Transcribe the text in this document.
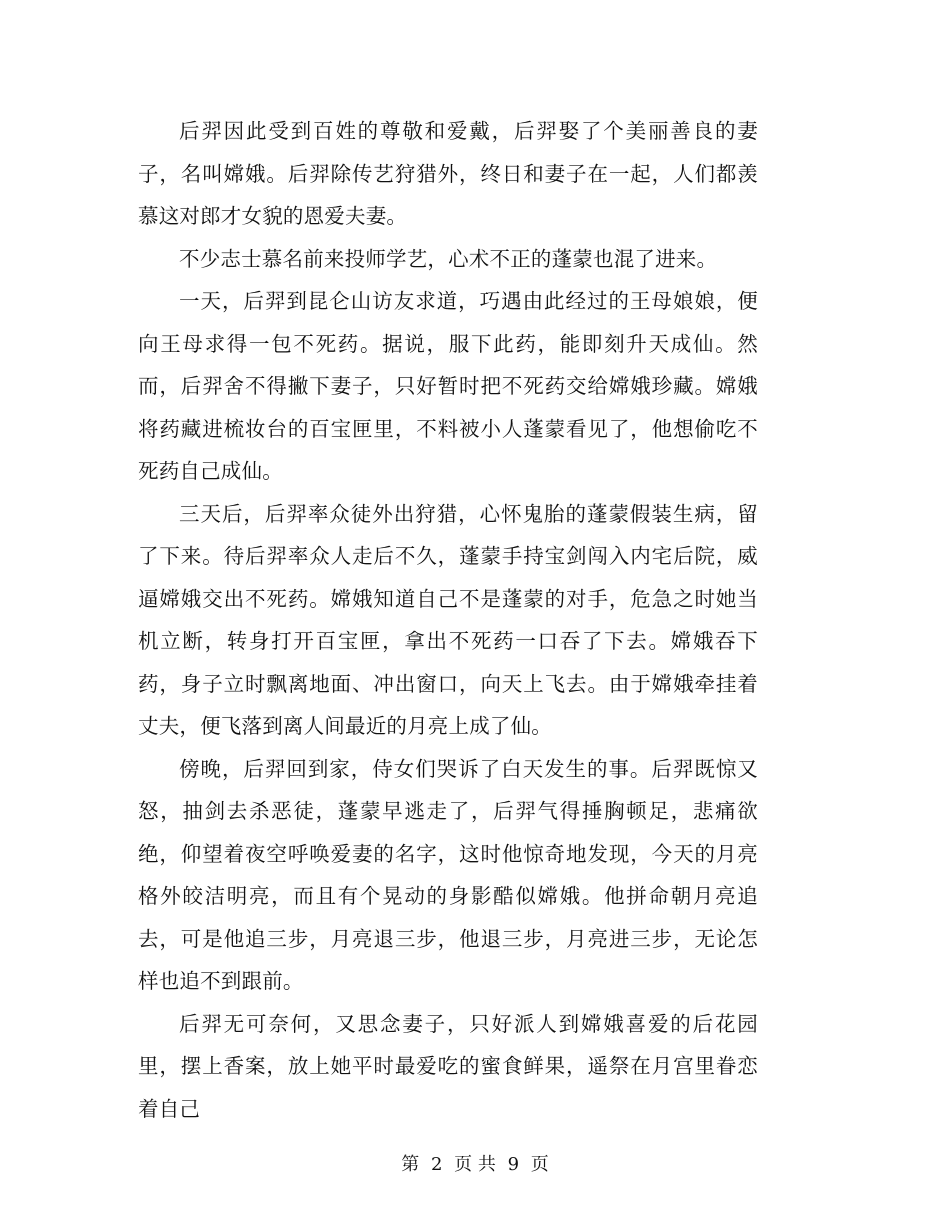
后羿因此受到百姓的尊敬和爱戴，后羿娶了个美丽善良的妻子，名叫嫦娥。后羿除传艺狩猎外，终日和妻子在一起，人们都羡慕这对郎才女貌的恩爱夫妻。

不少志士慕名前来投师学艺，心术不正的蓬蒙也混了进来。

一天，后羿到昆仑山访友求道，巧遇由此经过的王母娘娘，便向王母求得一包不死药。据说，服下此药，能即刻升天成仙。然而，后羿舍不得撇下妻子，只好暂时把不死药交给嫦娥珍藏。嫦娥将药藏进梳妆台的百宝匣里，不料被小人蓬蒙看见了，他想偷吃不死药自己成仙。

三天后，后羿率众徒外出狩猎，心怀鬼胎的蓬蒙假装生病，留了下来。待后羿率众人走后不久，蓬蒙手持宝剑闯入内宅后院，威逼嫦娥交出不死药。嫦娥知道自己不是蓬蒙的对手，危急之时她当机立断，转身打开百宝匣，拿出不死药一口吞了下去。嫦娥吞下药，身子立时飘离地面、冲出窗口，向天上飞去。由于嫦娥牵挂着丈夫，便飞落到离人间最近的月亮上成了仙。

傍晚，后羿回到家，侍女们哭诉了白天发生的事。后羿既惊又怒，抽剑去杀恶徒，蓬蒙早逃走了，后羿气得捶胸顿足，悲痛欲绝，仰望着夜空呼唤爱妻的名字，这时他惊奇地发现，今天的月亮格外皎洁明亮，而且有个晃动的身影酷似嫦娥。他拼命朝月亮追去，可是他追三步，月亮退三步，他退三步，月亮进三步，无论怎样也追不到跟前。

后羿无可奈何，又思念妻子，只好派人到嫦娥喜爱的后花园里，摆上香案，放上她平时最爱吃的蜜食鲜果，遥祭在月宫里眷恋着自己

第 2 页 共 9 页
